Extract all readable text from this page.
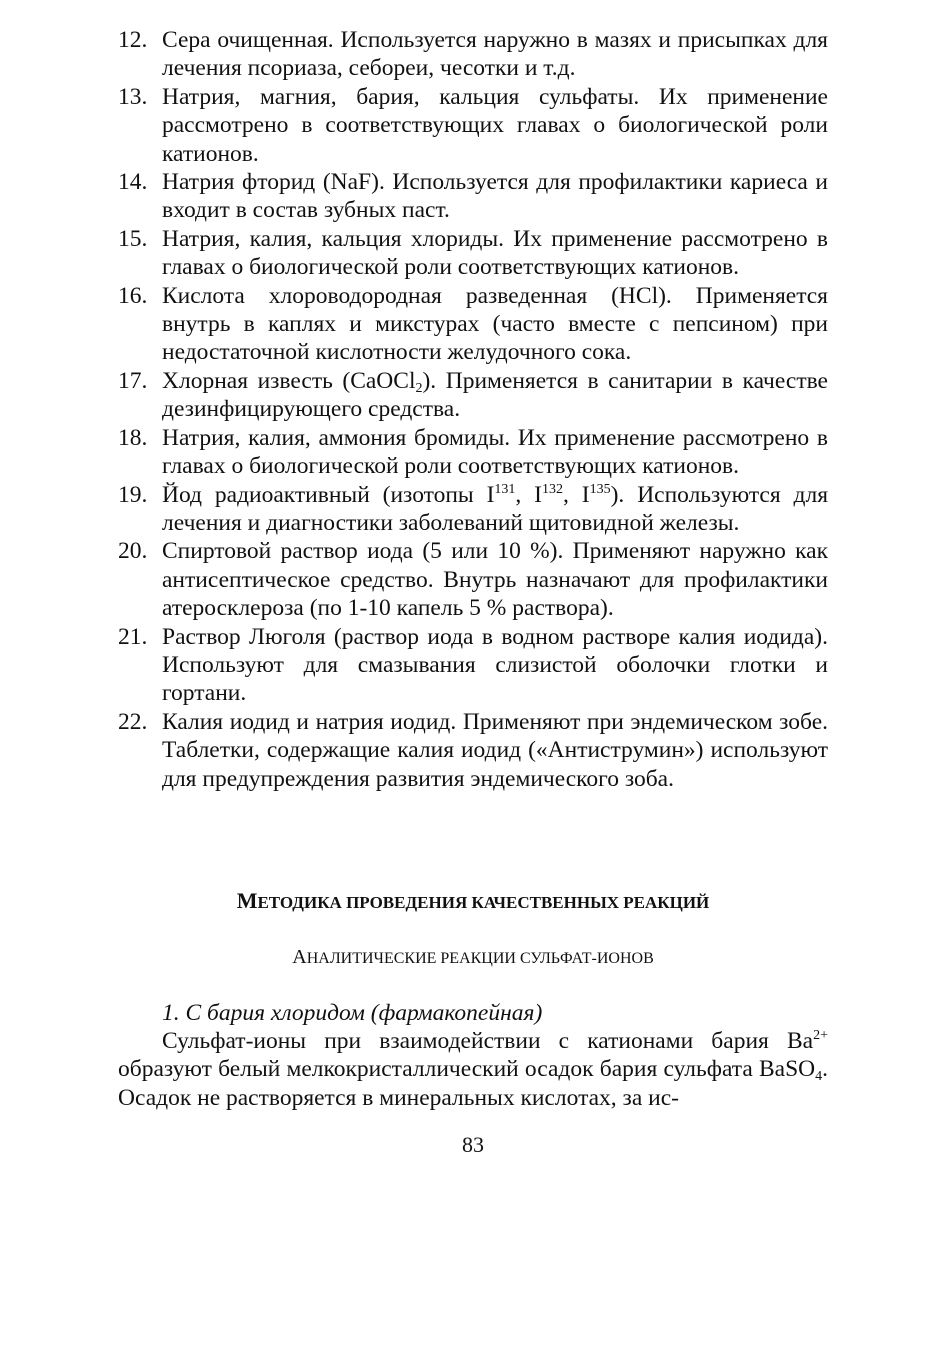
12. Сера очищенная. Используется наружно в мазях и присыпках для лечения псориаза, себореи, чесотки и т.д.
13. Натрия, магния, бария, кальция сульфаты. Их применение рассмотрено в соответствующих главах о биологической роли катионов.
14. Натрия фторид (NaF). Используется для профилактики кариеса и входит в состав зубных паст.
15. Натрия, калия, кальция хлориды. Их применение рассмотрено в главах о биологической роли соответствующих катионов.
16. Кислота хлороводородная разведенная (HCl). Применяется внутрь в каплях и микстурах (часто вместе с пепсином) при недостаточной кислотности желудочного сока.
17. Хлорная известь (CaOCl$_2$). Применяется в санитарии в качестве дезинфицирующего средства.
18. Натрия, калия, аммония бромиды. Их применение рассмотрено в главах о биологической роли соответствующих катионов.
19. Йод радиоактивный (изотопы $I^{131}$, $I^{132}$, $I^{135}$). Используются для лечения и диагностики заболеваний щитовидной железы.
20. Спиртовой раствор иода (5 или 10 %). Применяют наружно как антисептическое средство. Внутрь назначают для профилактики атеросклероза (по 1-10 капель 5 % раствора).
21. Раствор Люголя (раствор иода в водном растворе калия иодида). Используют для смазывания слизистой оболочки глотки и гортани.
22. Калия иодид и натрия иодид. Применяют при эндемическом зобе. Таблетки, содержащие калия иодид («Антиструмин») используют для предупреждения развития эндемического зоба.
МЕТОДИКА ПРОВЕДЕНИЯ КАЧЕСТВЕННЫХ РЕАКЦИЙ
АНАЛИТИЧЕСКИЕ РЕАКЦИИ СУЛЬФАТ-ИОНОВ
1. С бария хлоридом (фармакопейная)

Сульфат-ионы при взаимодействии с катионами бария $Ba^{2+}$ образуют белый мелкокристаллический осадок бария сульфата BaSO$_4$. Осадок не растворяется в минеральных кислотах, за ис-

83
